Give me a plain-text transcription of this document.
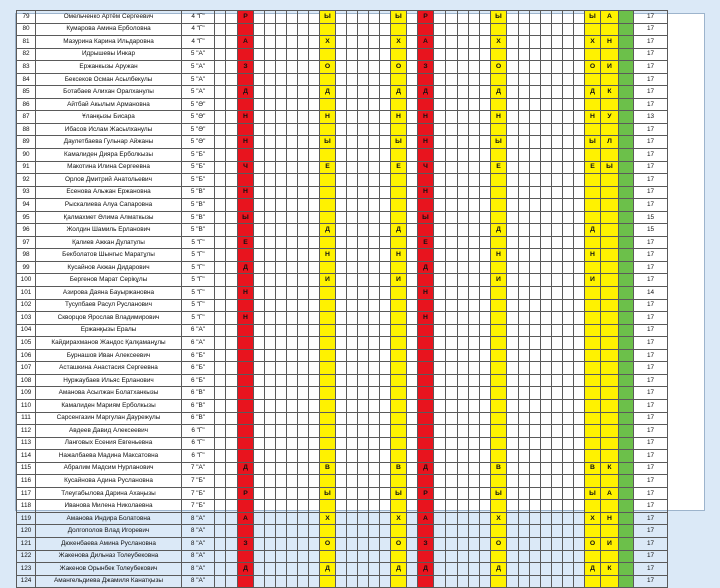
79	Омельченко Артём Сергеевич	4 "Г"			Р							Ы						Ы		Р						Ы								Ы	А		17
80	Кумарова Амина Ерболовна	4 "Г"																																			17
81	Мазурина Карина Ильдаровна	4 "Г"			А							Х						Х		А						Х								Х	Н		17
82	Идрышевы Инкар	5 "А"																																			17
83	Ержанкызы Аружан	5 "А"			З							О						О		З						О								О	И		17
84	Бексеков Осман Асылбекулы	5 "А"																																			17
85	Ботабаев Алихан Оралханулы	5 "А"			Д							Д						Д		Д						Д								Д	К		17
86	Айтбай Акылым Армановна	5 "Ә"																																			17
87	Ұланқызы Бисара	5 "Ә"			Н							Н						Н		Н						Н								Н	У		13
88	Ибасов Ислам Жасылханулы	5 "Ә"																																			17
89	Даулетбаева Гульнар Айжаны	5 "Ә"			Н							Ы						Ы		Н						Ы								Ы	Л		17
90	Камалиден Дияра Ерболкызы	5 "Б"																																			17
91	Макотина Илина Сергеевна	5 "Б"			Ч							Е						Е		Ч						Е								Е	Ы		17
92	Орлов Дмитрий Анатольевич	5 "Б"																																			17
93	Есенова Альжан Ержановна	5 "В"			Н															Н																	17
94	Рыскалиева Алуа Сапаровна	5 "В"																																			17
95	Қалмахмет Әлима Алматкызы	5 "В"			Ы															Ы																	15
96	Жолдин Шамиль Ерланович	5 "В"										Д						Д								Д								Д			15
97	Қалиев Ажкан Дулатулы	5 "Г"			Е															Е																	17
98	Бекболатов Шынгыс Маратұлы	5 "Г"										Н						Н								Н								Н			17
99	Кусайнов Акжан Дидарович	5 "Г"			Д															Д																	17
100	Бергенов Марат Серікұлы	5 "Г"										И						И								И								И			17
101	Азирова Даяна Бауыржановна	5 "Г"			Н															Н																	14
102	Тусупбаев Расул Русланович	5 "Г"																																			17
103	Скворцов Ярослав Владимирович	5 "Г"			Н															Н																	17
104	Ержанқызы Ералы	6 "А"																																			17
105	Кайдирахманов Жандос Қалқаманұлы	6 "А"																																			17
106	Бурнашов Иван Алексеевич	6 "Б"																																			17
107	Асташкина Анастасия Сергеевна	6 "Б"																																			17
108	Нуржаубаев Ильяс Ерланович	6 "Б"																																			17
109	Аманова Асылжан Болатханкызы	6 "В"																																			17
110	Камалиден Мариям Ерболкызы	6 "В"																																			17
111	Сарсенгазин Маргулан Даурежулы	6 "В"																																			17
112	Авдеев Давид Алексеевич	6 "Г"																																			17
113	Ланговых Есения Евгеньевна	6 "Г"																																			17
114	Нажалбаева Мадина Максатовна	6 "Г"																																			17
115	Абралим Мадсим Нурланович	7 "А"			Д							В						В		Д						В								В	К		17
116	Кусайнова Адина Руслановна	7 "Б"																																			17
117	Тлеугабылова Дарина Ахаңызы	7 "Б"			Р							Ы						Ы		Р						Ы								Ы	А		17
118	Иванова Милена Николаевна	7 "Б"																																			17
119	Аманова Индира Болатовна	8 "А"			А							Х						Х		А						Х								Х	Н		17
120	Долгополов Влад Игоревич	8 "А"																																			17
121	Дюкенбаева Амина Руслановна	8 "А"			З							О						О		З						О								О	И		17
122	Жакенова Дильназ Толеубековна	8 "А"																																			17
123	Жакенов Орынбек Толеубекович	8 "А"			Д							Д						Д		Д						Д								Д	К		17
124	Амангельдиева Джамиля Канатқызы	8 "А"																																			17
